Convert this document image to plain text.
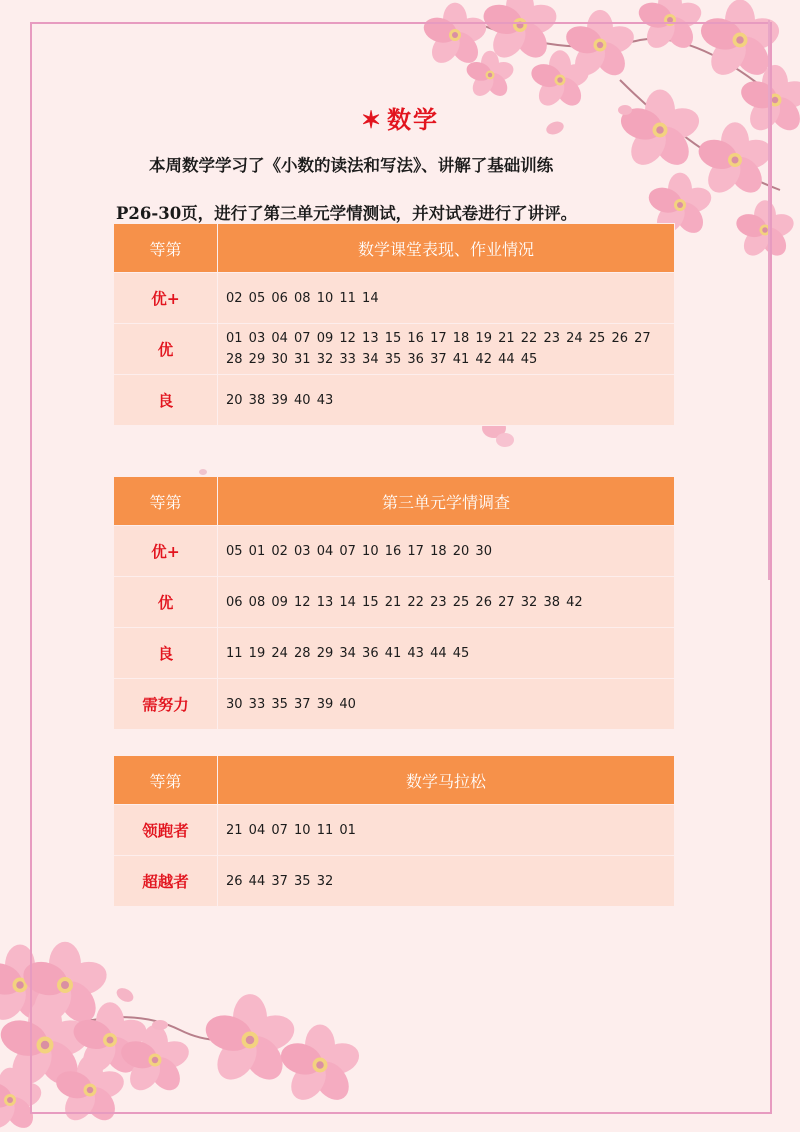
✶ 数学
本周数学学习了《小数的读法和写法》、讲解了基础训练
P26-30页，进行了第三单元学情测试，并对试卷进行了讲评。
等第	数学课堂表现、作业情况
优+	02 05 06 08 10 11 14
优	01 03 04 07 09 12 13 15 16 17 18 19 21 22 23 24 25 26 27 28 29 30 31 32 33 34 35 36 37 41 42 44 45
良	20 38 39 40 43
等第	第三单元学情调查
优+	05 01 02 03 04 07 10 16 17 18 20 30
优	06 08 09 12 13 14 15 21 22 23 25 26 27 32 38 42
良	11 19 24 28 29 34 36 41 43 44 45
需努力	30 33 35 37 39 40
等第	数学马拉松
领跑者	21 04 07 10 11 01
超越者	26 44 37 35 32
